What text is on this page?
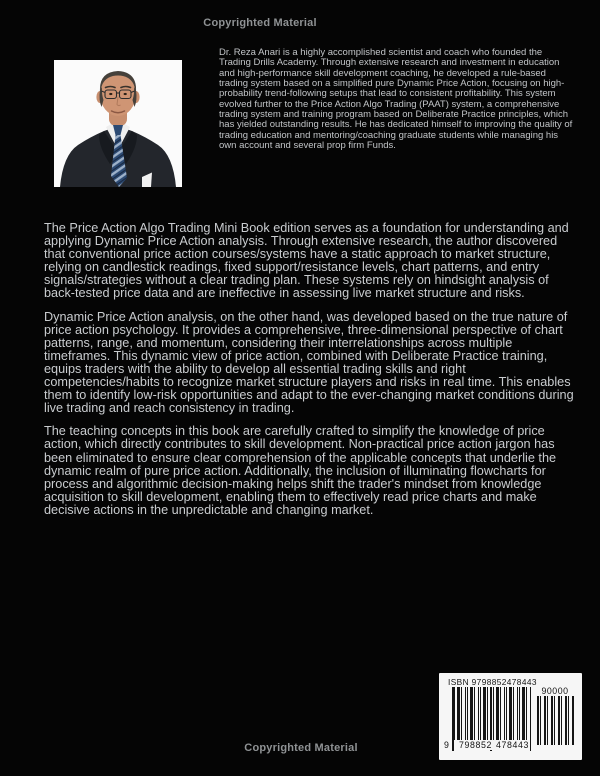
Copyrighted Material
Dr. Reza Anari is a highly accomplished scientist and coach who founded the Trading Drills Academy. Through extensive research and investment in education and high-performance skill development coaching, he developed a rule-based trading system based on a simplified pure Dynamic Price Action, focusing on high-probability trend-following setups that lead to consistent profitability. This system evolved further to the Price Action Algo Trading (PAAT) system, a comprehensive trading system and training program based on Deliberate Practice principles, which has yielded outstanding results. He has dedicated himself to improving the quality of trading education and mentoring/coaching graduate students while managing his own account and several prop firm Funds.

The Price Action Algo Trading Mini Book edition serves as a foundation for understanding and applying Dynamic Price Action analysis. Through extensive research, the author discovered that conventional price action courses/systems have a static approach to market structure, relying on candlestick readings, fixed support/resistance levels, chart patterns, and entry signals/strategies without a clear trading plan. These systems rely on hindsight analysis of back-tested price data and are ineffective in assessing live market structure and risks.

Dynamic Price Action analysis, on the other hand, was developed based on the true nature of price action psychology. It provides a comprehensive, three-dimensional perspective of chart patterns, range, and momentum, considering their interrelationships across multiple timeframes. This dynamic view of price action, combined with Deliberate Practice training, equips traders with the ability to develop all essential trading skills and right competencies/habits to recognize market structure players and risks in real time. This enables them to identify low-risk opportunities and adapt to the ever-changing market conditions during live trading and reach consistency in trading.

The teaching concepts in this book are carefully crafted to simplify the knowledge of price action, which directly contributes to skill development. Non-practical price action jargon has been eliminated to ensure clear comprehension of the applicable concepts that underlie the dynamic realm of pure price action. Additionally, the inclusion of illuminating flowcharts for process and algorithmic decision-making helps shift the trader's mindset from knowledge acquisition to skill development, enabling them to effectively read price charts and make decisive actions in the unpredictable and changing market.

ISBN 9798852478443
9 798852 478443
90000
Copyrighted Material
